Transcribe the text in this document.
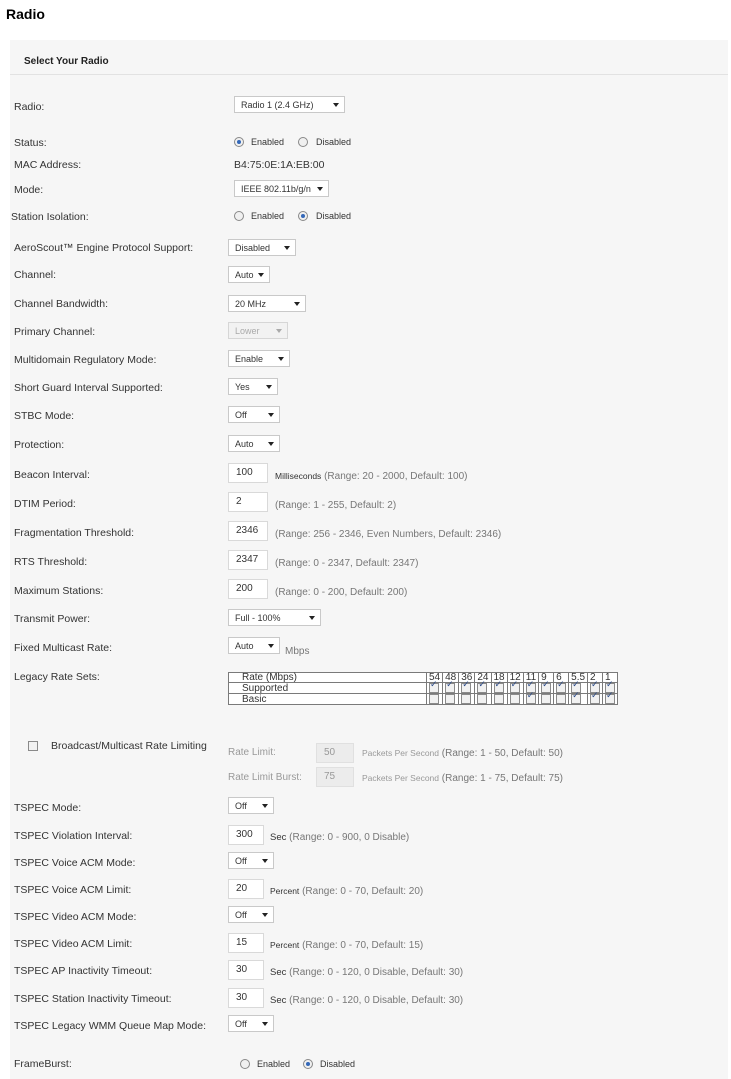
Radio
Select Your Radio
Radio:	Radio 1 (2.4 GHz)
Status:	Enabled	Disabled
MAC Address:	B4:75:0E:1A:EB:00
Mode:	IEEE 802.11b/g/n
Station Isolation:	Enabled	Disabled
AeroScout™ Engine Protocol Support:	Disabled
Channel:	Auto
Channel Bandwidth:	20 MHz
Primary Channel:	Lower
Multidomain Regulatory Mode:	Enable
Short Guard Interval Supported:	Yes
STBC Mode:	Off
Protection:	Auto
Beacon Interval:	100	Milliseconds (Range: 20 - 2000, Default: 100)
DTIM Period:	2	(Range: 1 - 255, Default: 2)
Fragmentation Threshold:	2346	(Range: 256 - 2346, Even Numbers, Default: 2346)
RTS Threshold:	2347	(Range: 0 - 2347, Default: 2347)
Maximum Stations:	200	(Range: 0 - 200, Default: 200)
Transmit Power:	Full - 100%
Fixed Multicast Rate:	Auto	Mbps
Legacy Rate Sets:	Rate (Mbps)	54	48	36	24	18	12	11	9	6	5.5	2	1
Supported	✓	✓	✓	✓	✓	✓	✓	✓	✓	✓	✓	✓
Basic							✓			✓	✓	✓
Broadcast/Multicast Rate Limiting
Rate Limit:	50	Packets Per Second (Range: 1 - 50, Default: 50)
Rate Limit Burst:	75	Packets Per Second (Range: 1 - 75, Default: 75)
TSPEC Mode:	Off
TSPEC Violation Interval:	300	Sec (Range: 0 - 900, 0 Disable)
TSPEC Voice ACM Mode:	Off
TSPEC Voice ACM Limit:	20	Percent (Range: 0 - 70, Default: 20)
TSPEC Video ACM Mode:	Off
TSPEC Video ACM Limit:	15	Percent (Range: 0 - 70, Default: 15)
TSPEC AP Inactivity Timeout:	30	Sec (Range: 0 - 120, 0 Disable, Default: 30)
TSPEC Station Inactivity Timeout:	30	Sec (Range: 0 - 120, 0 Disable, Default: 30)
TSPEC Legacy WMM Queue Map Mode:	Off
FrameBurst:	Enabled	Disabled
